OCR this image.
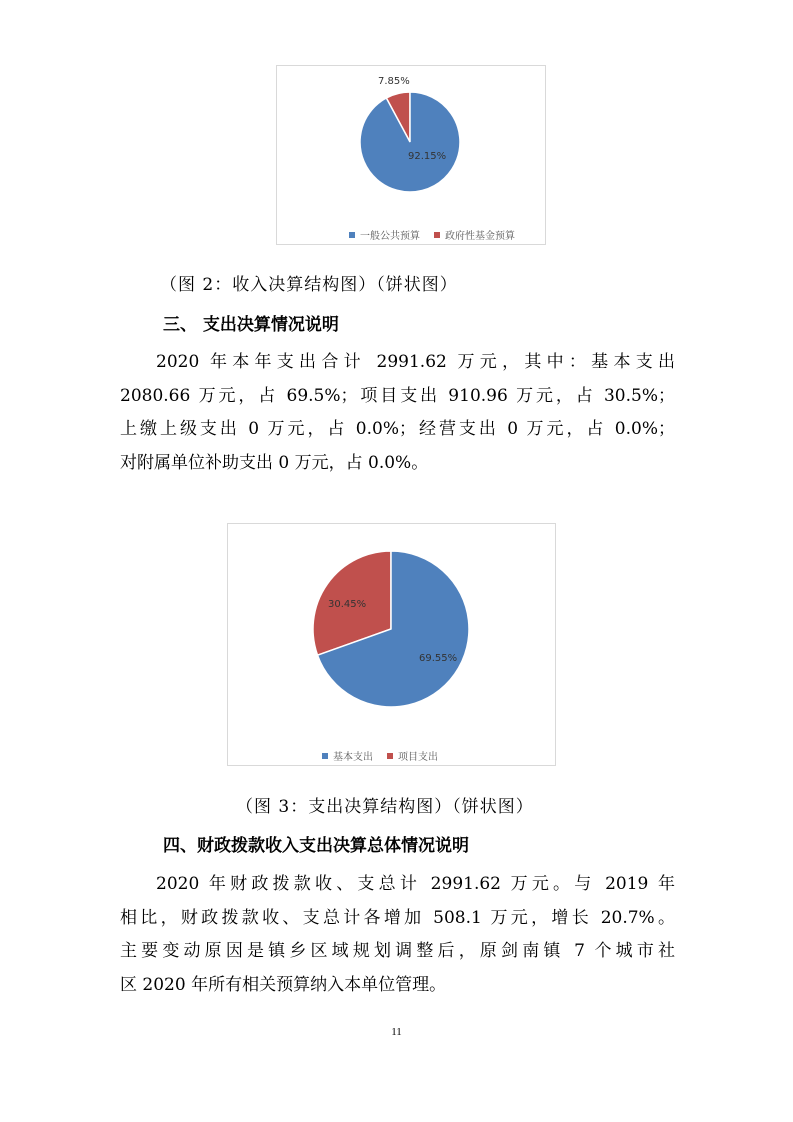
92.15%
7.85%
一般公共预算	政府性基金预算
（图 2：收入决算结构图）（饼状图）
三、 支出决算情况说明
2020 年本年支出合计 2991.62 万元，其中：基本支出
2080.66 万元，占 69.5%；项目支出 910.96 万元，占 30.5%；
上缴上级支出 0 万元，占 0.0%；经营支出 0 万元，占 0.0%；
对附属单位补助支出 0 万元，占 0.0%。
69.55%
30.45%
基本支出	项目支出
（图 3：支出决算结构图）（饼状图）
四、财政拨款收入支出决算总体情况说明
2020 年财政拨款收、支总计 2991.62 万元。与 2019 年
相比，财政拨款收、支总计各增加 508.1 万元，增长 20.7%。
主要变动原因是镇乡区域规划调整后，原剑南镇 7 个城市社
区 2020 年所有相关预算纳入本单位管理。
11
